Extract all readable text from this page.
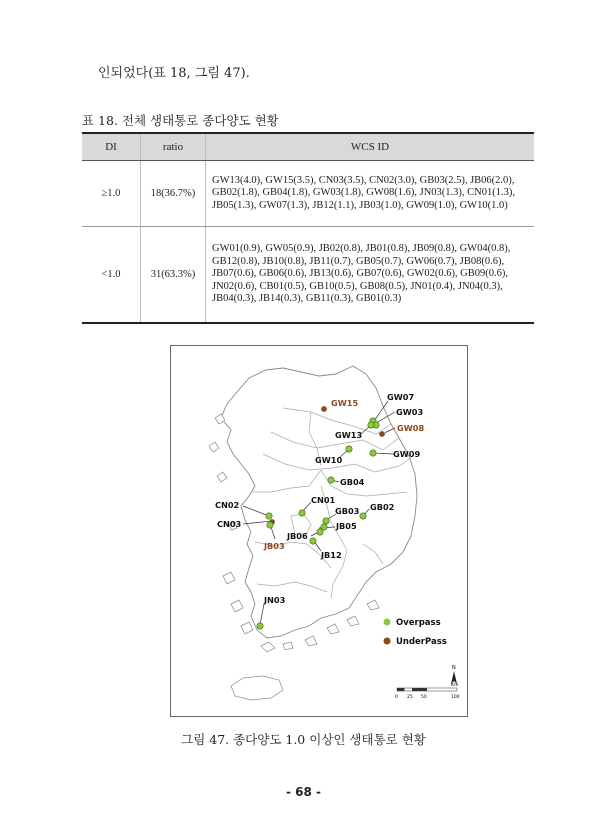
인되었다(표 18, 그림 47).
표 18. 전체 생태통로 종다양도 현황
DI	ratio	WCS ID
≥1.0	18(36.7%)	GW13(4.0), GW15(3.5), CN03(3.5), CN02(3.0), GB03(2.5), JB06(2.0), GB02(1.8), GB04(1.8), GW03(1.8), GW08(1.6), JN03(1.3), CN01(1.3), JB05(1.3), GW07(1.3), JB12(1.1), JB03(1.0), GW09(1.0), GW10(1.0)
<1.0	31(63.3%)	GW01(0.9), GW05(0.9), JB02(0.8), JB01(0.8), JB09(0.8), GW04(0.8), GB12(0.8), JB10(0.8), JB11(0.7), GB05(0.7), GW06(0.7), JB08(0.6), JB07(0.6), GB06(0.6), JB13(0.6), GB07(0.6), GW02(0.6), GB09(0.6), JN02(0.6), CB01(0.5), GB10(0.5), GB08(0.5), JN01(0.4), JN04(0.3), JB04(0.3), JB14(0.3), GB11(0.3), GB01(0.3)
GW15
GW07
GW03
GW08
GW13
GW10
GW09
GB04
CN01
CN02
GB03 GB02
CN03	JB05
JB06
JB03
JB12
JN03
Overpass
UnderPass
N
0 25 50	100
Km
그림 47. 종다양도 1.0 이상인 생태통로 현황
- 68 -
